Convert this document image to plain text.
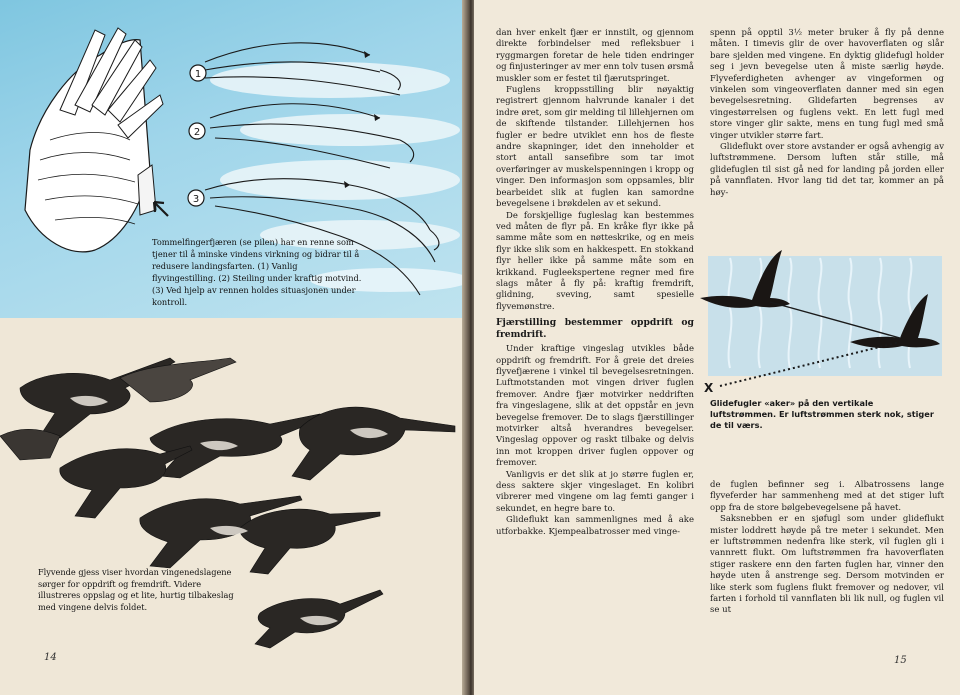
1
2
3
Tommelfingerfjæren (se pilen) har en renne som tjener til å minske vindens virkning og bidrar til å redusere landingsfarten. (1) Vanlig flyvingestilling. (2) Steiling under kraftig motvind. (3) Ved hjelp av rennen holdes situasjonen under kontroll.
Flyvende gjess viser hvordan vingenedslagene sørger for oppdrift og fremdrift. Videre illustreres oppslag og et lite, hurtig tilbakeslag med vingene delvis foldet.
14

dan hver enkelt fjær er innstilt, og gjennom direkte forbindelser med refleksbuer i ryggmargen foretar de hele tiden endringer og finjusteringer av mer enn tolv tusen ørsmå muskler som er festet til fjærutspringet.

Fuglens kroppsstilling blir nøyaktig registrert gjennom halvrunde kanaler i det indre øret, som gir melding til lillehjernen om de skiftende tilstander. Lillehjernen hos fugler er bedre utviklet enn hos de fleste andre skapninger, idet den inneholder et stort antall sansefibre som tar imot overføringer av muskelspenningen i kropp og vinger. Den informasjon som oppsamles, blir bearbeidet slik at fuglen kan samordne bevegelsene i brøkdelen av et sekund.

De forskjellige fugleslag kan bestemmes ved måten de flyr på. En kråke flyr ikke på samme måte som en nøtteskrike, og en meis flyr ikke slik som en hakkespett. En stokkand flyr heller ikke på samme måte som en krikkand. Fugleekspertene regner med fire slags måter å fly på: kraftig fremdrift, glidning, sveving, samt spesielle flyvemønstre.

Fjærstilling bestemmer oppdrift og fremdrift.

Under kraftige vingeslag utvikles både oppdrift og fremdrift. For å greie det dreies flyvefjærene i vinkel til bevegelsesretningen. Luftmotstanden mot vingen driver fuglen fremover. Andre fjær motvirker neddriften fra vingeslagene, slik at det oppstår en jevn bevegelse fremover. De to slags fjærstillinger motvirker altså hverandres bevegelser. Vingeslag oppover og raskt tilbake og delvis inn mot kroppen driver fuglen oppover og fremover.

Vanligvis er det slik at jo større fuglen er, dess saktere skjer vingeslaget. En kolibri vibrerer med vingene om lag femti ganger i sekundet, en hegre bare to.

Glideflukt kan sammenlignes med å ake utforbakke. Kjempealbatrosser med vinge-

spenn på opptil 3½ meter bruker å fly på denne måten. I timevis glir de over havoverflaten og slår bare sjelden med vingene. En dyktig glidefugl holder seg i jevn bevegelse uten å miste særlig høyde. Flyveferdigheten avhenger av vingeformen og vinkelen som vingeoverflaten danner med sin egen bevegelsesretning. Glidefarten begrenses av vingestørrelsen og fuglens vekt. En lett fugl med store vinger glir sakte, mens en tung fugl med små vinger utvikler større fart.

Glideflukt over store avstander er også avhengig av luftstrømmene. Dersom luften står stille, må glidefuglen til sist gå ned for landing på jorden eller på vannflaten. Hvor lang tid det tar, kommer an på høy-

X
Glidefugler «aker» på den vertikale luftstrømmen. Er luftstrømmen sterk nok, stiger de til værs.

de fuglen befinner seg i. Albatrossens lange flyveferder har sammenheng med at det stiger luft opp fra de store bølgebevegelsene på havet.

Saksnebben er en sjøfugl som under glideflukt mister loddrett høyde på tre meter i sekundet. Men er luftstrømmen nedenfra like sterk, vil fuglen gli i vannrett flukt. Om luftstrømmen fra havoverflaten stiger raskere enn den farten fuglen har, vinner den høyde uten å anstrenge seg. Dersom motvinden er like sterk som fuglens flukt fremover og nedover, vil farten i forhold til vannflaten bli lik null, og fuglen vil se ut

15
